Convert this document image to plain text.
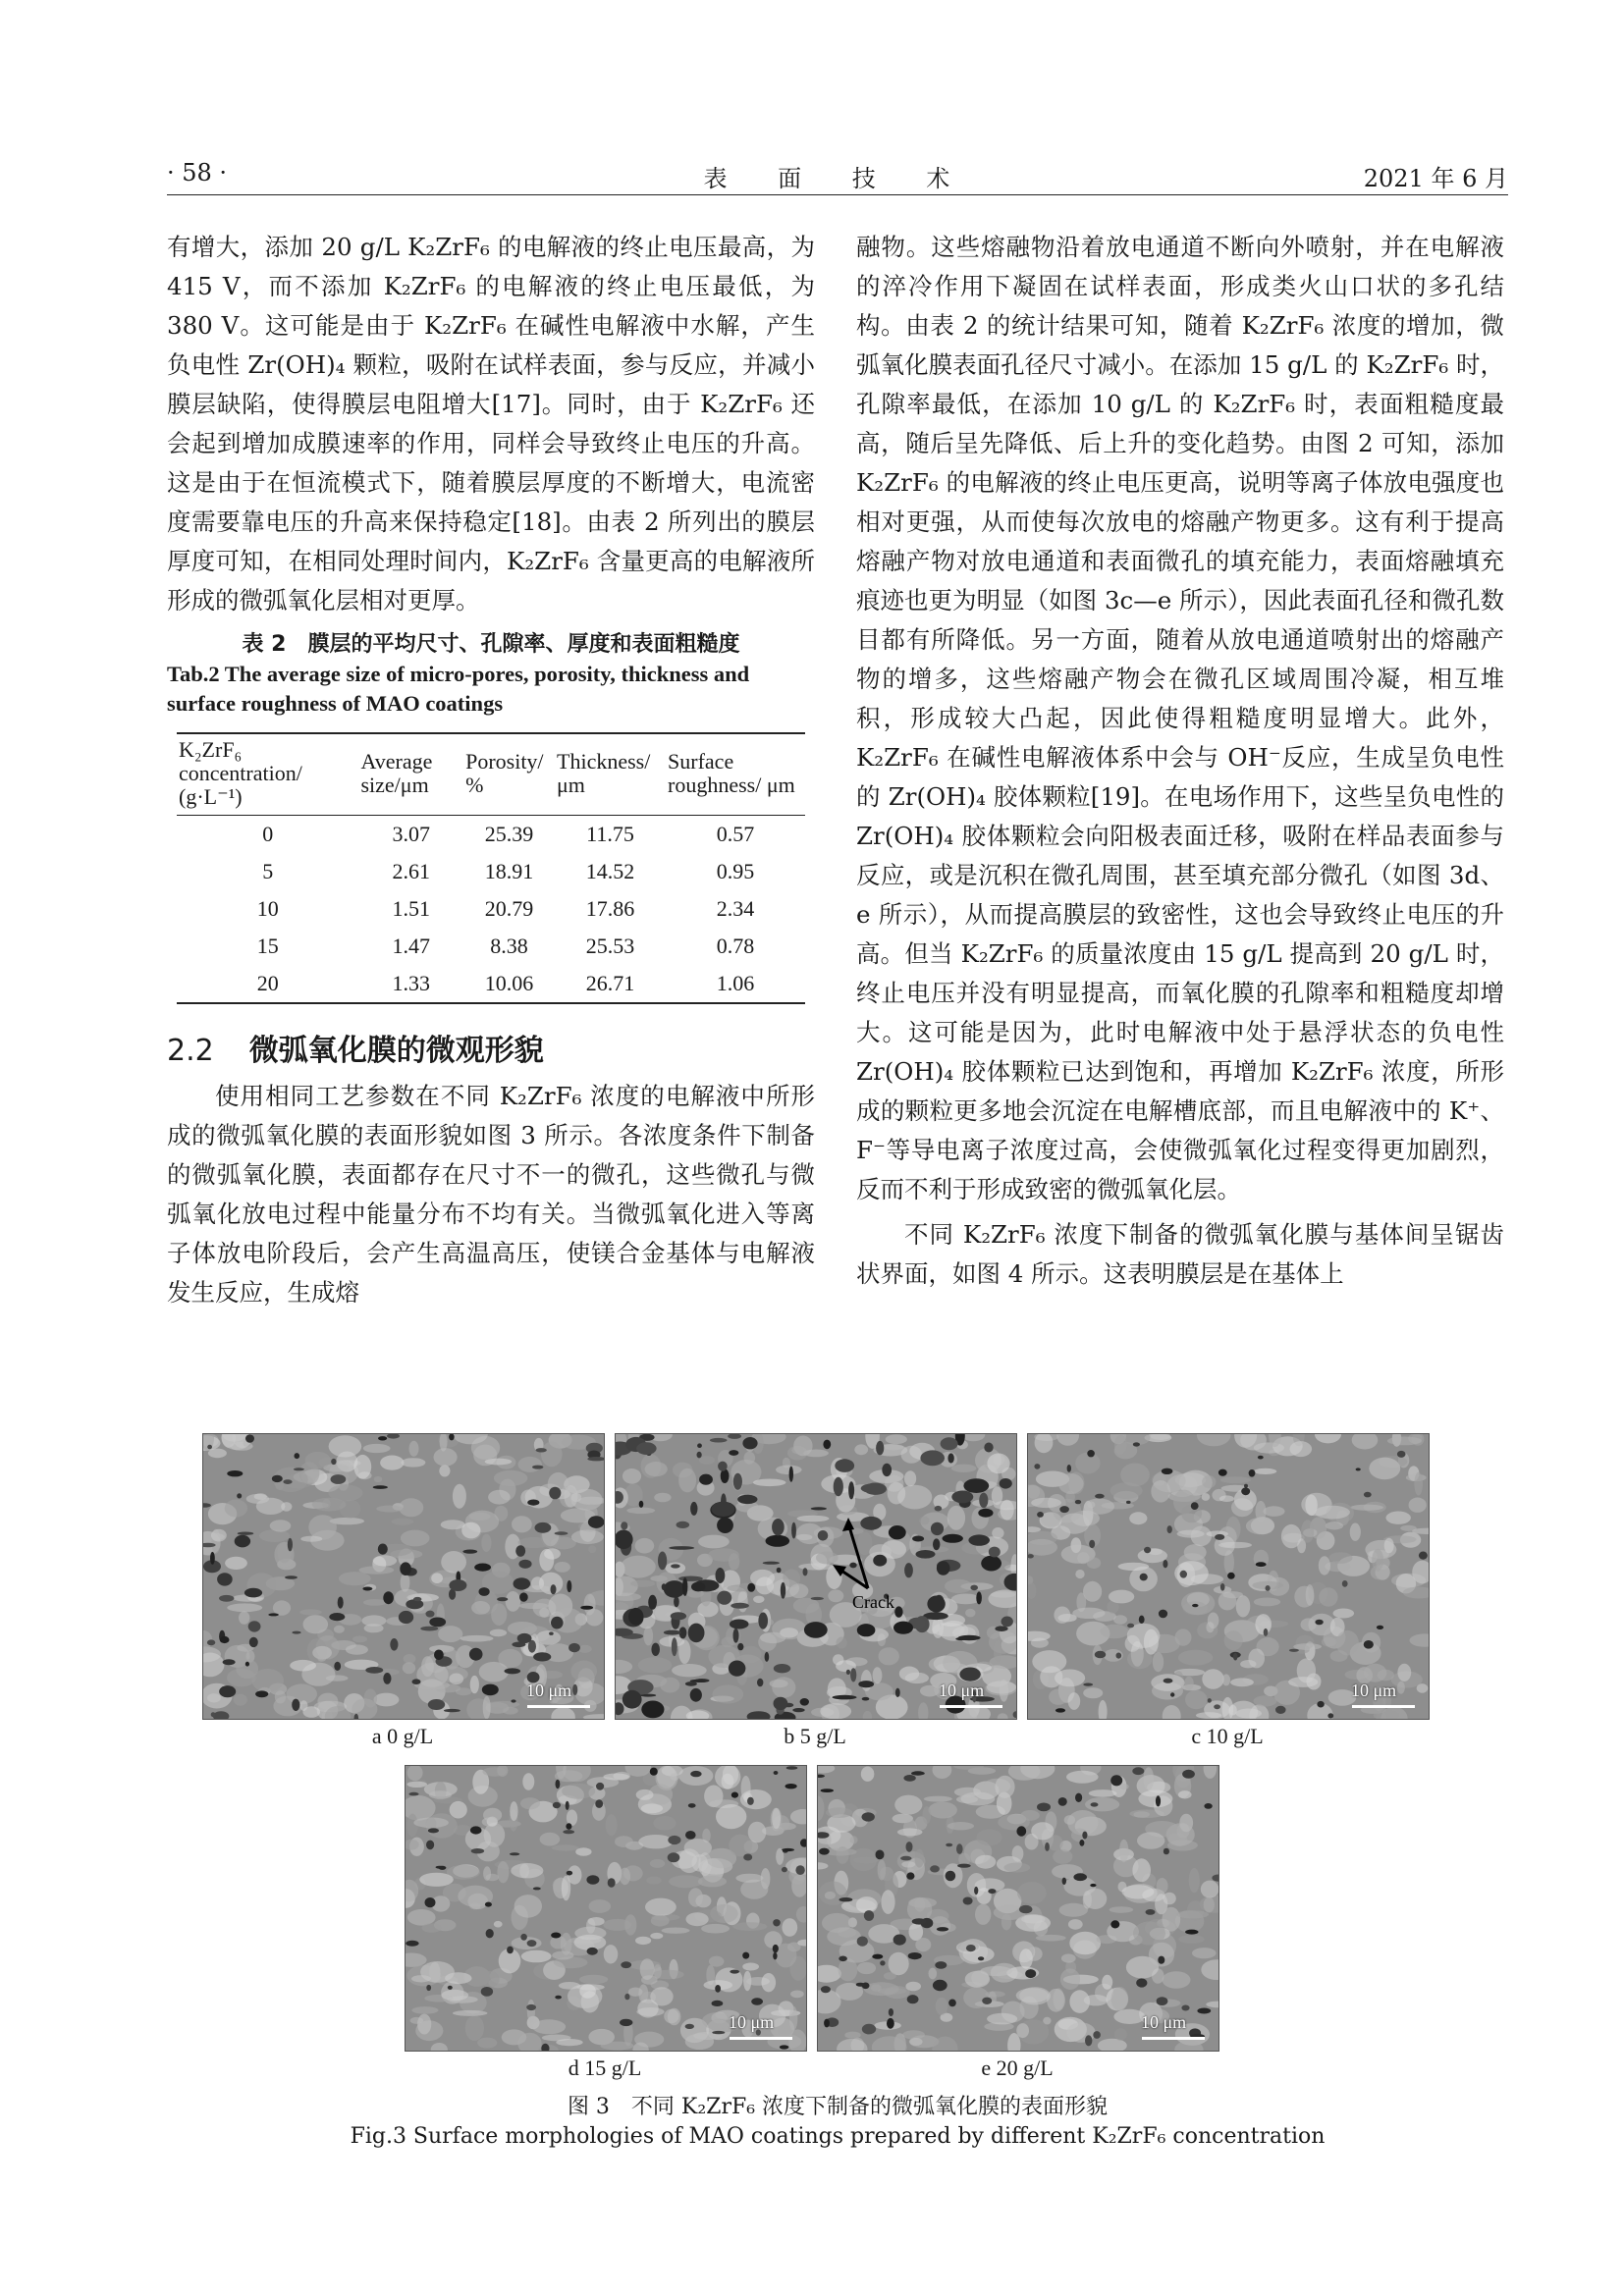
· 58 ·	表 面 技 术	2021 年 6 月

有增大，添加 20 g/L K₂ZrF₆ 的电解液的终止电压最高，为 415 V，而不添加 K₂ZrF₆ 的电解液的终止电压最低，为 380 V。这可能是由于 K₂ZrF₆ 在碱性电解液中水解，产生负电性 Zr(OH)₄ 颗粒，吸附在试样表面，参与反应，并减小膜层缺陷，使得膜层电阻增大[17]。同时，由于 K₂ZrF₆ 还会起到增加成膜速率的作用，同样会导致终止电压的升高。这是由于在恒流模式下，随着膜层厚度的不断增大，电流密度需要靠电压的升高来保持稳定[18]。由表 2 所列出的膜层厚度可知，在相同处理时间内，K₂ZrF₆ 含量更高的电解液所形成的微弧氧化层相对更厚。

表 2　膜层的平均尺寸、孔隙率、厚度和表面粗糙度
Tab.2 The average size of micro-pores, porosity, thickness and surface roughness of MAO coatings
K₂ZrF₆ concentration/ (g·L⁻¹)	Average size/μm	Porosity/ %	Thickness/ μm	Surface roughness/ μm
0	3.07	25.39	11.75	0.57
5	2.61	18.91	14.52	0.95
10	1.51	20.79	17.86	2.34
15	1.47	8.38	25.53	0.78
20	1.33	10.06	26.71	1.06
2.2 微弧氧化膜的微观形貌

使用相同工艺参数在不同 K₂ZrF₆ 浓度的电解液中所形成的微弧氧化膜的表面形貌如图 3 所示。各浓度条件下制备的微弧氧化膜，表面都存在尺寸不一的微孔，这些微孔与微弧氧化放电过程中能量分布不均有关。当微弧氧化进入等离子体放电阶段后，会产生高温高压，使镁合金基体与电解液发生反应，生成熔

融物。这些熔融物沿着放电通道不断向外喷射，并在电解液的淬冷作用下凝固在试样表面，形成类火山口状的多孔结构。由表 2 的统计结果可知，随着 K₂ZrF₆ 浓度的增加，微弧氧化膜表面孔径尺寸减小。在添加 15 g/L 的 K₂ZrF₆ 时，孔隙率最低，在添加 10 g/L 的 K₂ZrF₆ 时，表面粗糙度最高，随后呈先降低、后上升的变化趋势。由图 2 可知，添加 K₂ZrF₆ 的电解液的终止电压更高，说明等离子体放电强度也相对更强，从而使每次放电的熔融产物更多。这有利于提高熔融产物对放电通道和表面微孔的填充能力，表面熔融填充痕迹也更为明显（如图 3c—e 所示），因此表面孔径和微孔数目都有所降低。另一方面，随着从放电通道喷射出的熔融产物的增多，这些熔融产物会在微孔区域周围冷凝，相互堆积，形成较大凸起，因此使得粗糙度明显增大。此外，K₂ZrF₆ 在碱性电解液体系中会与 OH⁻反应，生成呈负电性的 Zr(OH)₄ 胶体颗粒[19]。在电场作用下，这些呈负电性的 Zr(OH)₄ 胶体颗粒会向阳极表面迁移，吸附在样品表面参与反应，或是沉积在微孔周围，甚至填充部分微孔（如图 3d、e 所示），从而提高膜层的致密性，这也会导致终止电压的升高。但当 K₂ZrF₆ 的质量浓度由 15 g/L 提高到 20 g/L 时，终止电压并没有明显提高，而氧化膜的孔隙率和粗糙度却增大。这可能是因为，此时电解液中处于悬浮状态的负电性 Zr(OH)₄ 胶体颗粒已达到饱和，再增加 K₂ZrF₆ 浓度，所形成的颗粒更多地会沉淀在电解槽底部，而且电解液中的 K⁺、F⁻等导电离子浓度过高，会使微弧氧化过程变得更加剧烈，反而不利于形成致密的微弧氧化层。

不同 K₂ZrF₆ 浓度下制备的微弧氧化膜与基体间呈锯齿状界面，如图 4 所示。这表明膜层是在基体上

10 μm	10 μm	10 μm
10 μm	10 μm
Crack
a 0 g/L	b 5 g/L	c 10 g/L
d 15 g/L	e 20 g/L
图 3　不同 K₂ZrF₆ 浓度下制备的微弧氧化膜的表面形貌
Fig.3 Surface morphologies of MAO coatings prepared by different K₂ZrF₆ concentration
